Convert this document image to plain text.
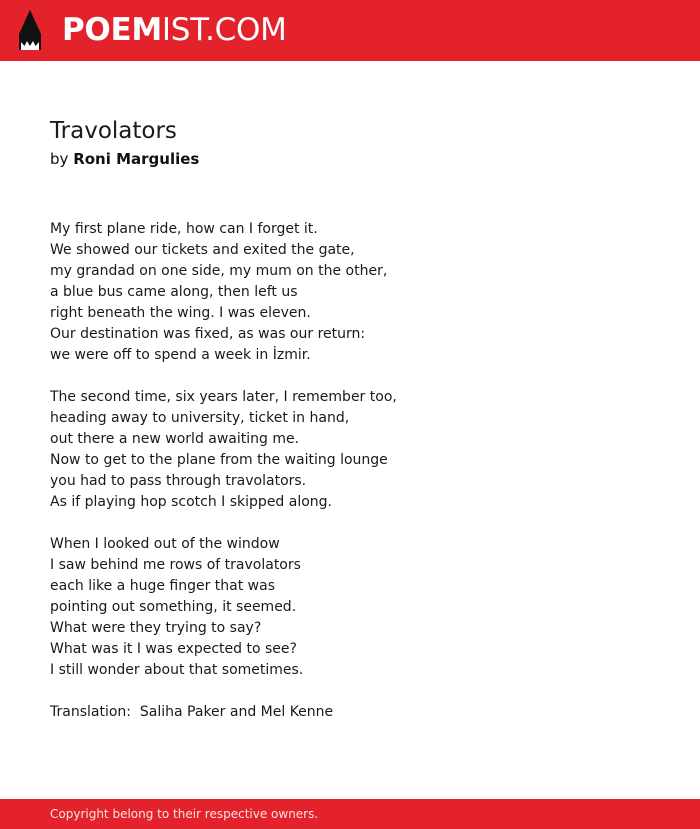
POEMIST.COM
Travolators
by Roni Margulies
My first plane ride, how can I forget it.
We showed our tickets and exited the gate,
my grandad on one side, my mum on the other,
a blue bus came along, then left us
right beneath the wing. I was eleven.
Our destination was fixed, as was our return:
we were off to spend a week in İzmir.
The second time, six years later, I remember too,
heading away to university, ticket in hand,
out there a new world awaiting me.
Now to get to the plane from the waiting lounge
you had to pass through travolators.
As if playing hop scotch I skipped along.
When I looked out of the window
I saw behind me rows of travolators
each like a huge finger that was
pointing out something, it seemed.
What were they trying to say?
What was it I was expected to see?
I still wonder about that sometimes.
Translation:  Saliha Paker and Mel Kenne
Copyright belong to their respective owners.
